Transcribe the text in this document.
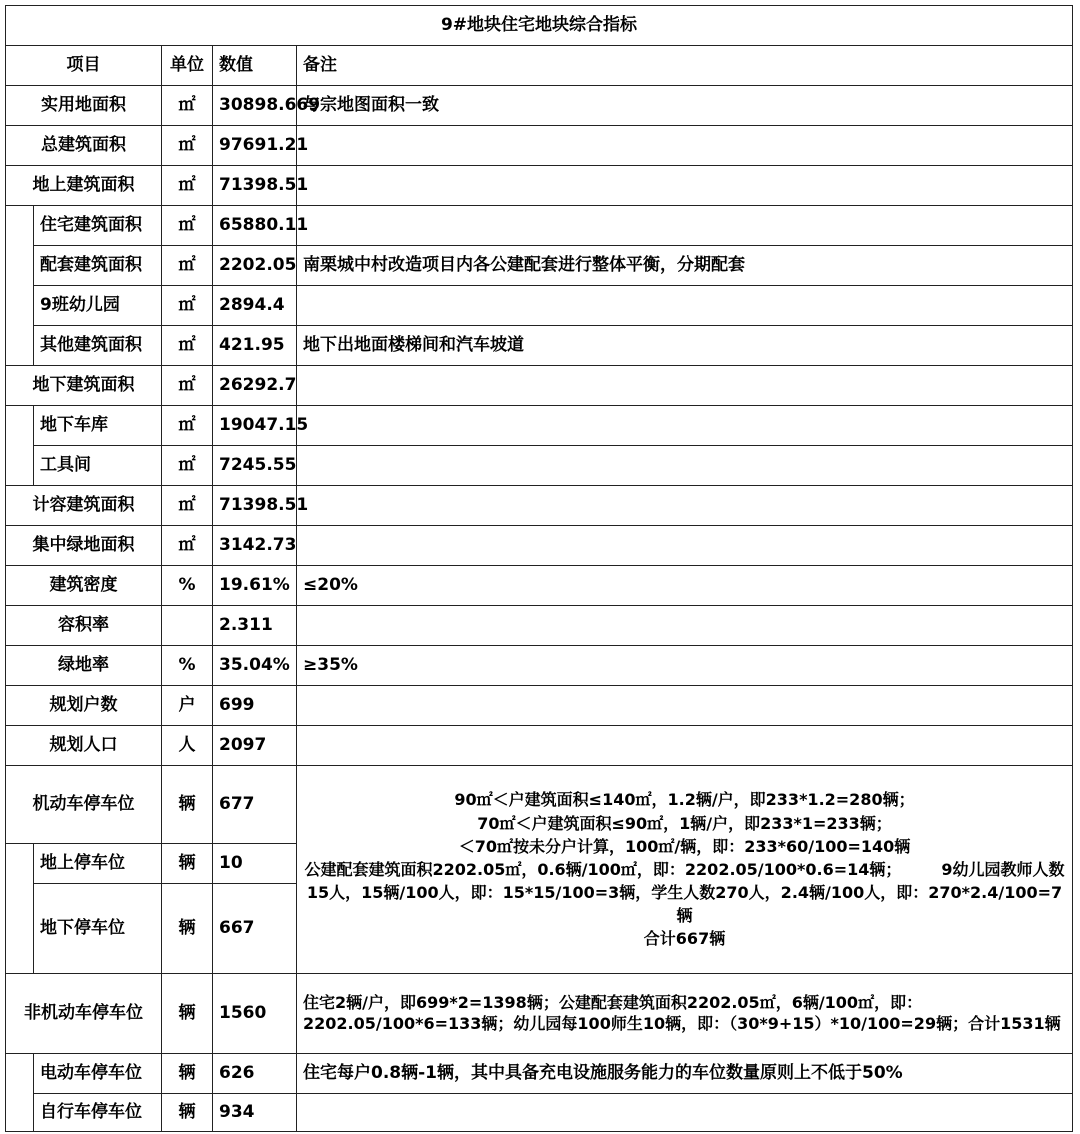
9#地块住宅地块综合指标				
项目		单位	数值	备注
实用地面积		㎡	30898.669	与宗地图面积一致
总建筑面积		㎡	97691.21	
地上建筑面积		㎡	71398.51	
	住宅建筑面积	㎡	65880.11	
	配套建筑面积	㎡	2202.05	南栗城中村改造项目内各公建配套进行整体平衡，分期配套
	9班幼儿园	㎡	2894.4	
	其他建筑面积	㎡	421.95	地下出地面楼梯间和汽车坡道
地下建筑面积		㎡	26292.7	
	地下车库	㎡	19047.15	
	工具间	㎡	7245.55	
计容建筑面积		㎡	71398.51	
集中绿地面积		㎡	3142.73	
建筑密度		%	19.61%	≤20%
容积率			2.311	
绿地率		%	35.04%	≥35%
规划户数		户	699	
规划人口		人	2097	
机动车停车位		辆	677	90㎡＜户建筑面积≤140㎡，1.2辆/户，即233*1.2=280辆；
70㎡＜户建筑面积≤90㎡，1辆/户，即233*1=233辆；
＜70㎡按未分户计算，100㎡/辆，即：233*60/100=140辆
公建配套建筑面积2202.05㎡，0.6辆/100㎡，即：2202.05/100*0.6=14辆；　　　9幼儿园教师人数15人，15辆/100人，即：15*15/100=3辆，学生人数270人，2.4辆/100人，即：270*2.4/100=7辆
合计667辆

	地上停车位	辆	10	
	地下停车位	辆	667	
非机动车停车位		辆	1560	住宅2辆/户，即699*2=1398辆；公建配套建筑面积2202.05㎡，6辆/100㎡，即：2202.05/100*6=133辆；幼儿园每100师生10辆，即：（30*9+15）*10/100=29辆；合计1531辆
	电动车停车位	辆	626	住宅每户0.8辆-1辆，其中具备充电设施服务能力的车位数量原则上不低于50%
	自行车停车位	辆	934	
